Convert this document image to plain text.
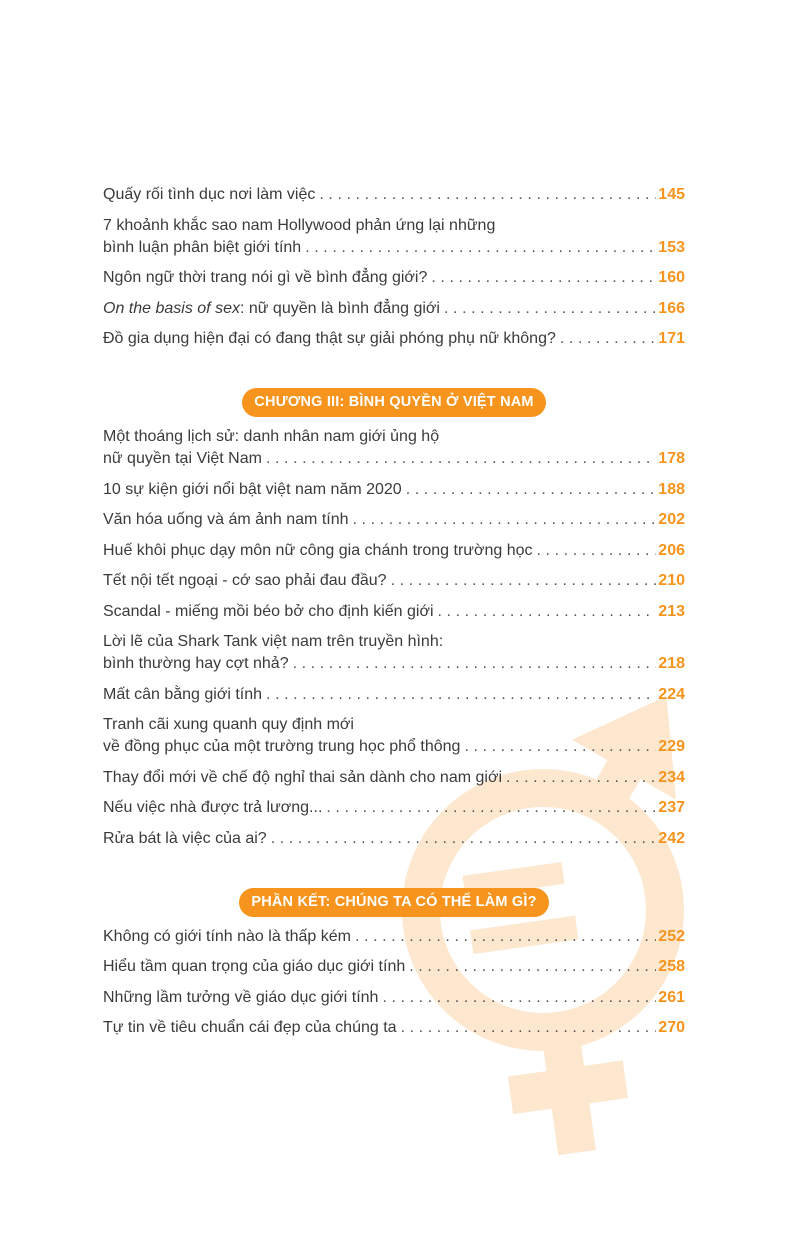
Quấy rối tình dục nơi làm việc .....	145
7 khoảnh khắc sao nam Hollywood phản ứng lại những
bình luận phân biệt giới tính .....	153
Ngôn ngữ thời trang nói gì về bình đẳng giới? .....	160
On the basis of sex: nữ quyền là bình đẳng giới .....	166
Đồ gia dụng hiện đại có đang thật sự giải phóng phụ nữ không? .....	171
CHƯƠNG III: BÌNH QUYỀN Ở VIỆT NAM
Một thoáng lịch sử: danh nhân nam giới ủng hộ
nữ quyền tại Việt Nam .....	178
10 sự kiện giới nổi bật việt nam năm 2020 .....	188
Văn hóa uống và ám ảnh nam tính .....	202
Huế khôi phục dạy môn nữ công gia chánh trong trường học .....	206
Tết nội tết ngoại - cớ sao phải đau đầu? .....	210
Scandal - miếng mồi béo bở cho định kiến giới .....	213
Lời lẽ của Shark Tank việt nam trên truyền hình:
bình thường hay cợt nhả? .....	218
Mất cân bằng giới tính .....	224
Tranh cãi xung quanh quy định mới
về đồng phục của một trường trung học phổ thông .....	229
Thay đổi mới về chế độ nghỉ thai sản dành cho nam giới .....	234
Nếu việc nhà được trả lương... .....	237
Rửa bát là việc của ai? .....	242
PHẦN KẾT: CHÚNG TA CÓ THỂ LÀM GÌ?
Không có giới tính nào là thấp kém .....	252
Hiểu tầm quan trọng của giáo dục giới tính .....	258
Những lầm tưởng về giáo dục giới tính .....	261
Tự tin về tiêu chuẩn cái đẹp của chúng ta .....	270
